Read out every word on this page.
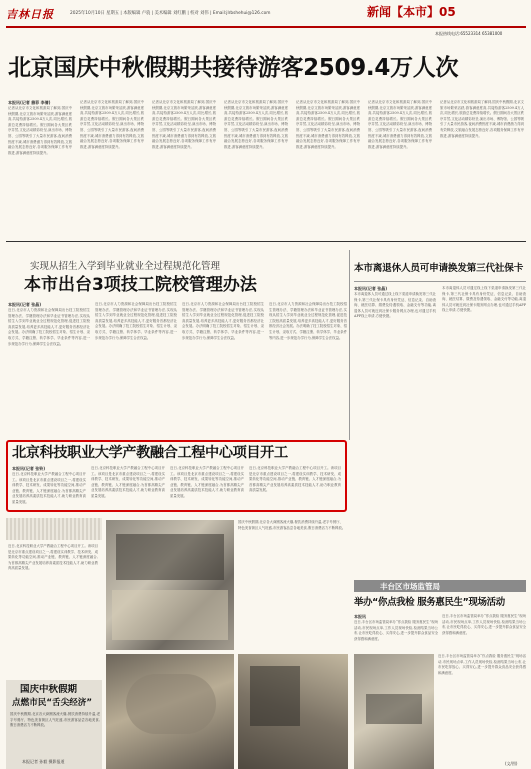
吉林日报	2025年10月10日 星期五 | 本版编辑 卢骁 | 美术编辑 刘红鹏 | 校对 刘伟 | Email:jlrbshehui@126.com	新闻【本市】05
本报热线电话:65523314 65381000
北京国庆中秋假期共接待游客2509.4万人次
本报讯(记者 雒菲 李倩)
记者从北京市文化和旅游局了解到,国庆中秋假期,北京文旅市场繁荣活跃,游客满意度高,共接待游客2509.4万人次,同比增长,旅游总花费持续增长。假日期间各大景区秩序井然,文化活动精彩纷呈,演出市场、博物馆、公园等吸引了大量市民游客,夜间消费热度不减,城市消费潜力得到有效释放,文旅融合发展态势良好,各项服务保障工作有序推进,游客满意度持续提升。
记者从北京市文化和旅游局了解到,国庆中秋假期,北京文旅市场繁荣活跃,游客满意度高,共接待游客2509.4万人次,同比增长,旅游总花费持续增长。假日期间各大景区秩序井然,文化活动精彩纷呈,演出市场、博物馆、公园等吸引了大量市民游客,夜间消费热度不减,城市消费潜力得到有效释放,文旅融合发展态势良好,各项服务保障工作有序推进,游客满意度持续提升。
记者从北京市文化和旅游局了解到,国庆中秋假期,北京文旅市场繁荣活跃,游客满意度高,共接待游客2509.4万人次,同比增长,旅游总花费持续增长。假日期间各大景区秩序井然,文化活动精彩纷呈,演出市场、博物馆、公园等吸引了大量市民游客,夜间消费热度不减,城市消费潜力得到有效释放,文旅融合发展态势良好,各项服务保障工作有序推进,游客满意度持续提升。
记者从北京市文化和旅游局了解到,国庆中秋假期,北京文旅市场繁荣活跃,游客满意度高,共接待游客2509.4万人次,同比增长,旅游总花费持续增长。假日期间各大景区秩序井然,文化活动精彩纷呈,演出市场、博物馆、公园等吸引了大量市民游客,夜间消费热度不减,城市消费潜力得到有效释放,文旅融合发展态势良好,各项服务保障工作有序推进,游客满意度持续提升。
记者从北京市文化和旅游局了解到,国庆中秋假期,北京文旅市场繁荣活跃,游客满意度高,共接待游客2509.4万人次,同比增长,旅游总花费持续增长。假日期间各大景区秩序井然,文化活动精彩纷呈,演出市场、博物馆、公园等吸引了大量市民游客,夜间消费热度不减,城市消费潜力得到有效释放,文旅融合发展态势良好,各项服务保障工作有序推进,游客满意度持续提升。
记者从北京市文化和旅游局了解到,国庆中秋假期,北京文旅市场繁荣活跃,游客满意度高,共接待游客2509.4万人次,同比增长,旅游总花费持续增长。假日期间各大景区秩序井然,文化活动精彩纷呈,演出市场、博物馆、公园等吸引了大量市民游客,夜间消费热度不减,城市消费潜力得到有效释放,文旅融合发展态势良好,各项服务保障工作有序推进,游客满意度持续提升。
记者从北京市文化和旅游局了解到,国庆中秋假期,北京文旅市场繁荣活跃,游客满意度高,共接待游客2509.4万人次,同比增长,旅游总花费持续增长。假日期间各大景区秩序井然,文化活动精彩纷呈,演出市场、博物馆、公园等吸引了大量市民游客,夜间消费热度不减,城市消费潜力得到有效释放,文旅融合发展态势良好,各项服务保障工作有序推进,游客满意度持续提升。
实现从招生入学到毕业就业全过程规范化管理
本市出台3项技工院校管理办法
本报讯(记者 张晶)
近日,北京市人力资源和社会保障局出台技工院校招生管理办法、学籍管理办法和毕业证书管理办法,实现从招生入学到毕业就业全过程规范化管理,促进技工院校高质量发展,培养更多高技能人才,更好服务首都经济社会发展。办法明确了技工院校招生对象、招生计划、录取方式、学籍注册、转学休学、毕业条件等内容,进一步规范办学行为,保障学生合法权益。
近日,北京市人力资源和社会保障局出台技工院校招生管理办法、学籍管理办法和毕业证书管理办法,实现从招生入学到毕业就业全过程规范化管理,促进技工院校高质量发展,培养更多高技能人才,更好服务首都经济社会发展。办法明确了技工院校招生对象、招生计划、录取方式、学籍注册、转学休学、毕业条件等内容,进一步规范办学行为,保障学生合法权益。
近日,北京市人力资源和社会保障局出台技工院校招生管理办法、学籍管理办法和毕业证书管理办法,实现从招生入学到毕业就业全过程规范化管理,促进技工院校高质量发展,培养更多高技能人才,更好服务首都经济社会发展。办法明确了技工院校招生对象、招生计划、录取方式、学籍注册、转学休学、毕业条件等内容,进一步规范办学行为,保障学生合法权益。
近日,北京市人力资源和社会保障局出台技工院校招生管理办法、学籍管理办法和毕业证书管理办法,实现从招生入学到毕业就业全过程规范化管理,促进技工院校高质量发展,培养更多高技能人才,更好服务首都经济社会发展。办法明确了技工院校招生对象、招生计划、录取方式、学籍注册、转学休学、毕业条件等内容,进一步规范办学行为,保障学生合法权益。
本市离退休人员可申请换发第三代社保卡
本报讯(记者 张晶)
本市离退休人员可通过线上线下渠道申请换发第三代社保卡,第三代社保卡具有身份凭证、信息记录、自助查询、就医结算、缴费及待遇领取、金融支付等功能,离退休人员可就近到社保卡服务网点办理,也可通过手机APP线上申请,方便快捷。
本市离退休人员可通过线上线下渠道申请换发第三代社保卡,第三代社保卡具有身份凭证、信息记录、自助查询、就医结算、缴费及待遇领取、金融支付等功能,离退休人员可就近到社保卡服务网点办理,也可通过手机APP线上申请,方便快捷。
北京科技职业大学产教融合工程中心项目开工
本报讯(记者 张铃)
近日,北京科技职业大学产教融合工程中心项目开工。该项目是北京市重点建设项目之一,将建设实训教学、技术研发、成果转化等功能空间,推动产业链、教育链、人才链深度融合,为首都高精尖产业发展培养高素质技术技能人才,助力职业教育高质量发展。
近日,北京科技职业大学产教融合工程中心项目开工。该项目是北京市重点建设项目之一,将建设实训教学、技术研发、成果转化等功能空间,推动产业链、教育链、人才链深度融合,为首都高精尖产业发展培养高素质技术技能人才,助力职业教育高质量发展。
近日,北京科技职业大学产教融合工程中心项目开工。该项目是北京市重点建设项目之一,将建设实训教学、技术研发、成果转化等功能空间,推动产业链、教育链、人才链深度融合,为首都高精尖产业发展培养高素质技术技能人才,助力职业教育高质量发展。
近日,北京科技职业大学产教融合工程中心项目开工。该项目是北京市重点建设项目之一,将建设实训教学、技术研发、成果转化等功能空间,推动产业链、教育链、人才链深度融合,为首都高精尖产业发展培养高素质技术技能人才,助力职业教育高质量发展。
近日,北京科技职业大学产教融合工程中心项目开工。该项目是北京市重点建设项目之一,将建设实训教学、技术研发、成果转化等功能空间,推动产业链、教育链、人才链深度融合,为首都高精尖产业发展培养高素质技术技能人才,助力职业教育高质量发展。
国庆中秋假期
点燃市民“舌尖经济”
国庆中秋假期,北京各大商圈客流火爆,餐饮消费持续升温,老字号餐厅、特色美食街区人气旺盛,市民游客品尝各地美食,假日消费活力不断释放。
本报记者 孙毅 摄影报道
国庆中秋假期,北京各大商圈客流火爆,餐饮消费持续升温,老字号餐厅、特色美食街区人气旺盛,市民游客品尝各地美食,假日消费活力不断释放。
丰台区市场监管局
举办“你点我检 服务惠民生”现场活动
本报讯
近日,丰台区市场监管局举办“你点我检 服务惠民生”现场活动,市民现场点单,工作人员现场快检,检测结果当场公布,让市民吃得放心、买得安心,进一步提升群众食品安全获得感和满意度。
近日,丰台区市场监管局举办“你点我检 服务惠民生”现场活动,市民现场点单,工作人员现场快检,检测结果当场公布,让市民吃得放心、买得安心,进一步提升群众食品安全获得感和满意度。
近日,丰台区市场监管局举办“你点我检 服务惠民生”现场活动,市民现场点单,工作人员现场快检,检测结果当场公布,让市民吃得放心、买得安心,进一步提升群众食品安全获得感和满意度。
(文/图)
